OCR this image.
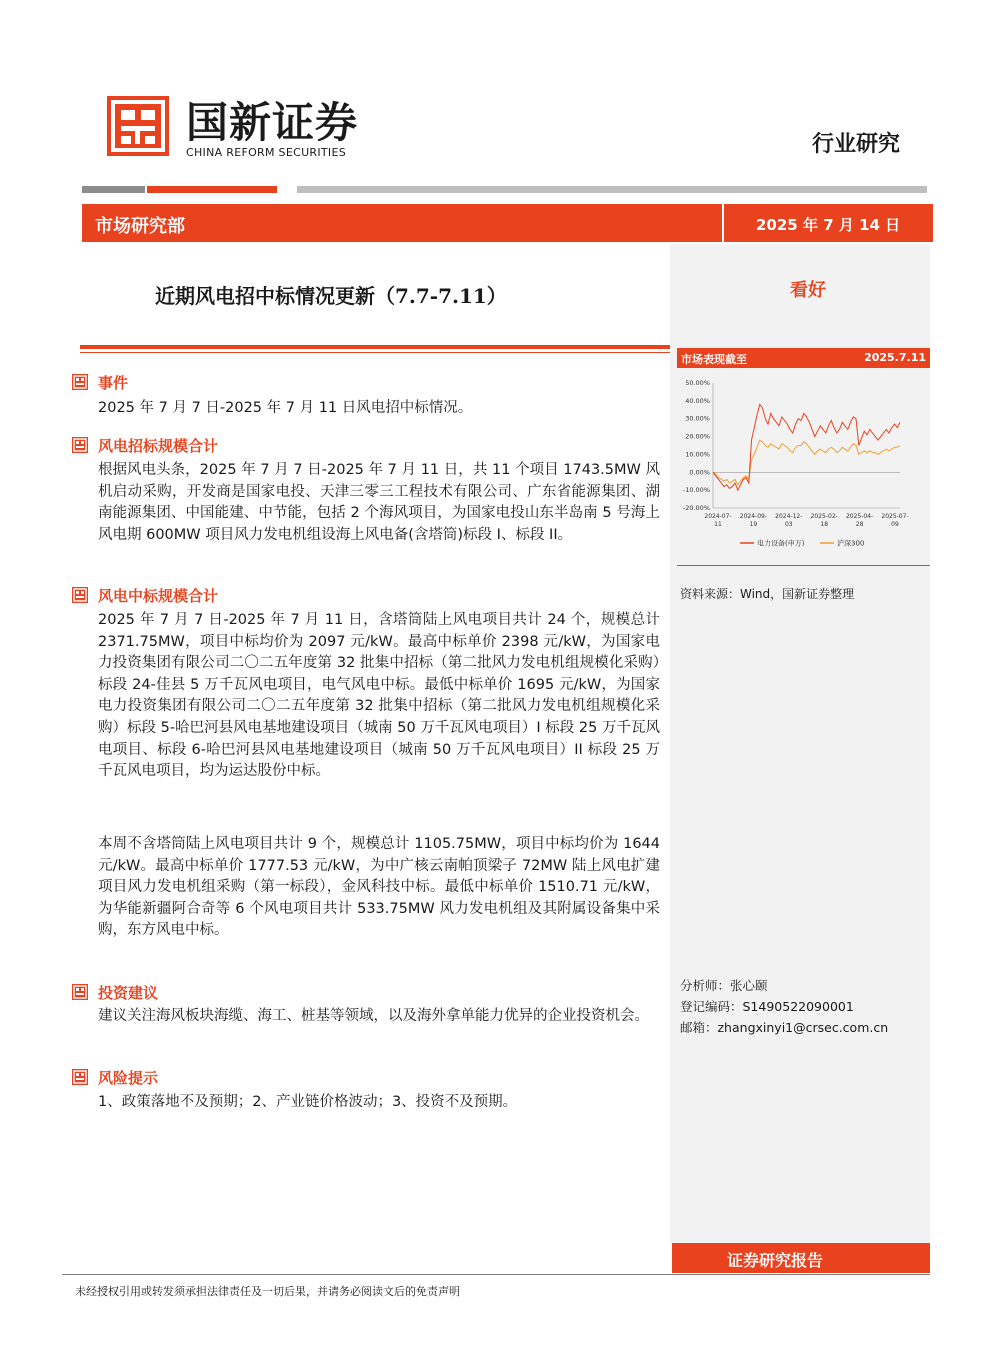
国新证券
CHINA REFORM SECURITIES	行业研究
市场研究部	2025 年 7 月 14 日
看好
近期风电招中标情况更新（7.7-7.11）
市场表现截至	2025.7.11
50.00%
40.00%
30.00%
20.00%
10.00%
0.00%
-10.00%
-20.00%
2024-07-
11
2024-09-
19
2024-12-
03
2025-02-
18
2025-04-
28
2025-07-
09
电力设备(申万)	沪深300
资料来源：Wind，国新证券整理
分析师：张心颐
登记编码：S1490522090001
邮箱：zhangxinyi1@crsec.com.cn
事件
2025 年 7 月 7 日-2025 年 7 月 11 日风电招中标情况。
风电招标规模合计
根据风电头条，2025 年 7 月 7 日-2025 年 7 月 11 日，共 11 个项目 1743.5MW 风机启动采购，开发商是国家电投、天津三零三工程技术有限公司、广东省能源集团、湖南能源集团、中国能建、中节能，包括 2 个海风项目，为国家电投山东半岛南 5 号海上风电期 600MW 项目风力发电机组设海上风电备(含塔筒)标段 I、标段 II。
风电中标规模合计
2025 年 7 月 7 日-2025 年 7 月 11 日，含塔筒陆上风电项目共计 24 个，规模总计 2371.75MW，项目中标均价为 2097 元/kW。最高中标单价 2398 元/kW，为国家电力投资集团有限公司二〇二五年度第 32 批集中招标（第二批风力发电机组规模化采购）标段 24-佳县 5 万千瓦风电项目，电气风电中标。最低中标单价 1695 元/kW，为国家电力投资集团有限公司二〇二五年度第 32 批集中招标（第二批风力发电机组规模化采购）标段 5-哈巴河县风电基地建设项目（城南 50 万千瓦风电项目）I 标段 25 万千瓦风电项目、标段 6-哈巴河县风电基地建设项目（城南 50 万千瓦风电项目）II 标段 25 万千瓦风电项目，均为运达股份中标。
本周不含塔筒陆上风电项目共计 9 个，规模总计 1105.75MW，项目中标均价为 1644 元/kW。最高中标单价 1777.53 元/kW，为中广核云南帕顶梁子 72MW 陆上风电扩建项目风力发电机组采购（第一标段），金风科技中标。最低中标单价 1510.71 元/kW，为华能新疆阿合奇等 6 个风电项目共计 533.75MW 风力发电机组及其附属设备集中采购，东方风电中标。
投资建议
建议关注海风板块海缆、海工、桩基等领域，以及海外拿单能力优异的企业投资机会。
风险提示
1、政策落地不及预期；2、产业链价格波动；3、投资不及预期。
证券研究报告
未经授权引用或转发须承担法律责任及一切后果，并请务必阅读文后的免责声明
